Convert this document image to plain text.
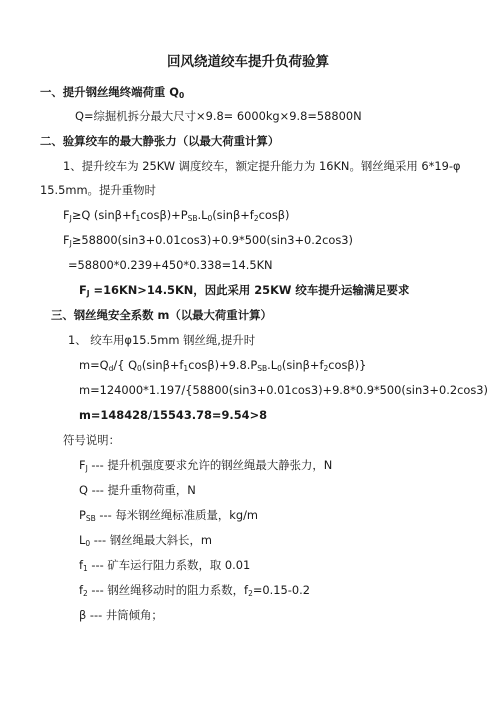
回风绕道绞车提升负荷验算
一、提升钢丝绳终端荷重 $Q_0$
Q=综掘机拆分最大尺寸×9.8= 6000kg×9.8=58800N
二、验算绞车的最大静张力（以最大荷重计算）
1、提升绞车为 25KW 调度绞车，额定提升能力为 16KN。钢丝绳采用 6*19-φ
15.5mm。提升重物时
$F_J\ge Q$ $(\sin\beta+f_1\cos\beta)+P_{SB}.L_0(\sin\beta+f_2\cos\beta)$
$F_J\ge 58800(\sin 3+0.01\cos 3)+0.9*500(\sin 3+0.2\cos 3)$
=58800*0.239+450*0.338=14.5KN
$F_J =16KN>14.5KN$，因此采用 25KW 绞车提升运输满足要求
三、钢丝绳安全系数 m（以最大荷重计算）
1、 绞车用φ15.5mm 钢丝绳,提升时
$m=Q_d/${ $Q_0(\sin\beta+f_1\cos\beta)+9.8.P_{SB}.L_0(\sin\beta+f_2\cos\beta)$}
m=124000*1.197/{58800(sin3+0.01cos3)+9.8*0.9*500(sin3+0.2cos3)
m=148428/15543.78=9.54>8
符号说明：
$F_J$ --- 提升机强度要求允许的钢丝绳最大静张力，N
Q --- 提升重物荷重，N
$P_{SB}$ --- 每米钢丝绳标准质量，kg/m
$L_0$ --- 钢丝绳最大斜长，m
$f_1$ --- 矿车运行阻力系数，取 0.01
$f_2$ --- 钢丝绳移动时的阻力系数，$f_2=0.15-0.2$
β --- 井筒倾角；
